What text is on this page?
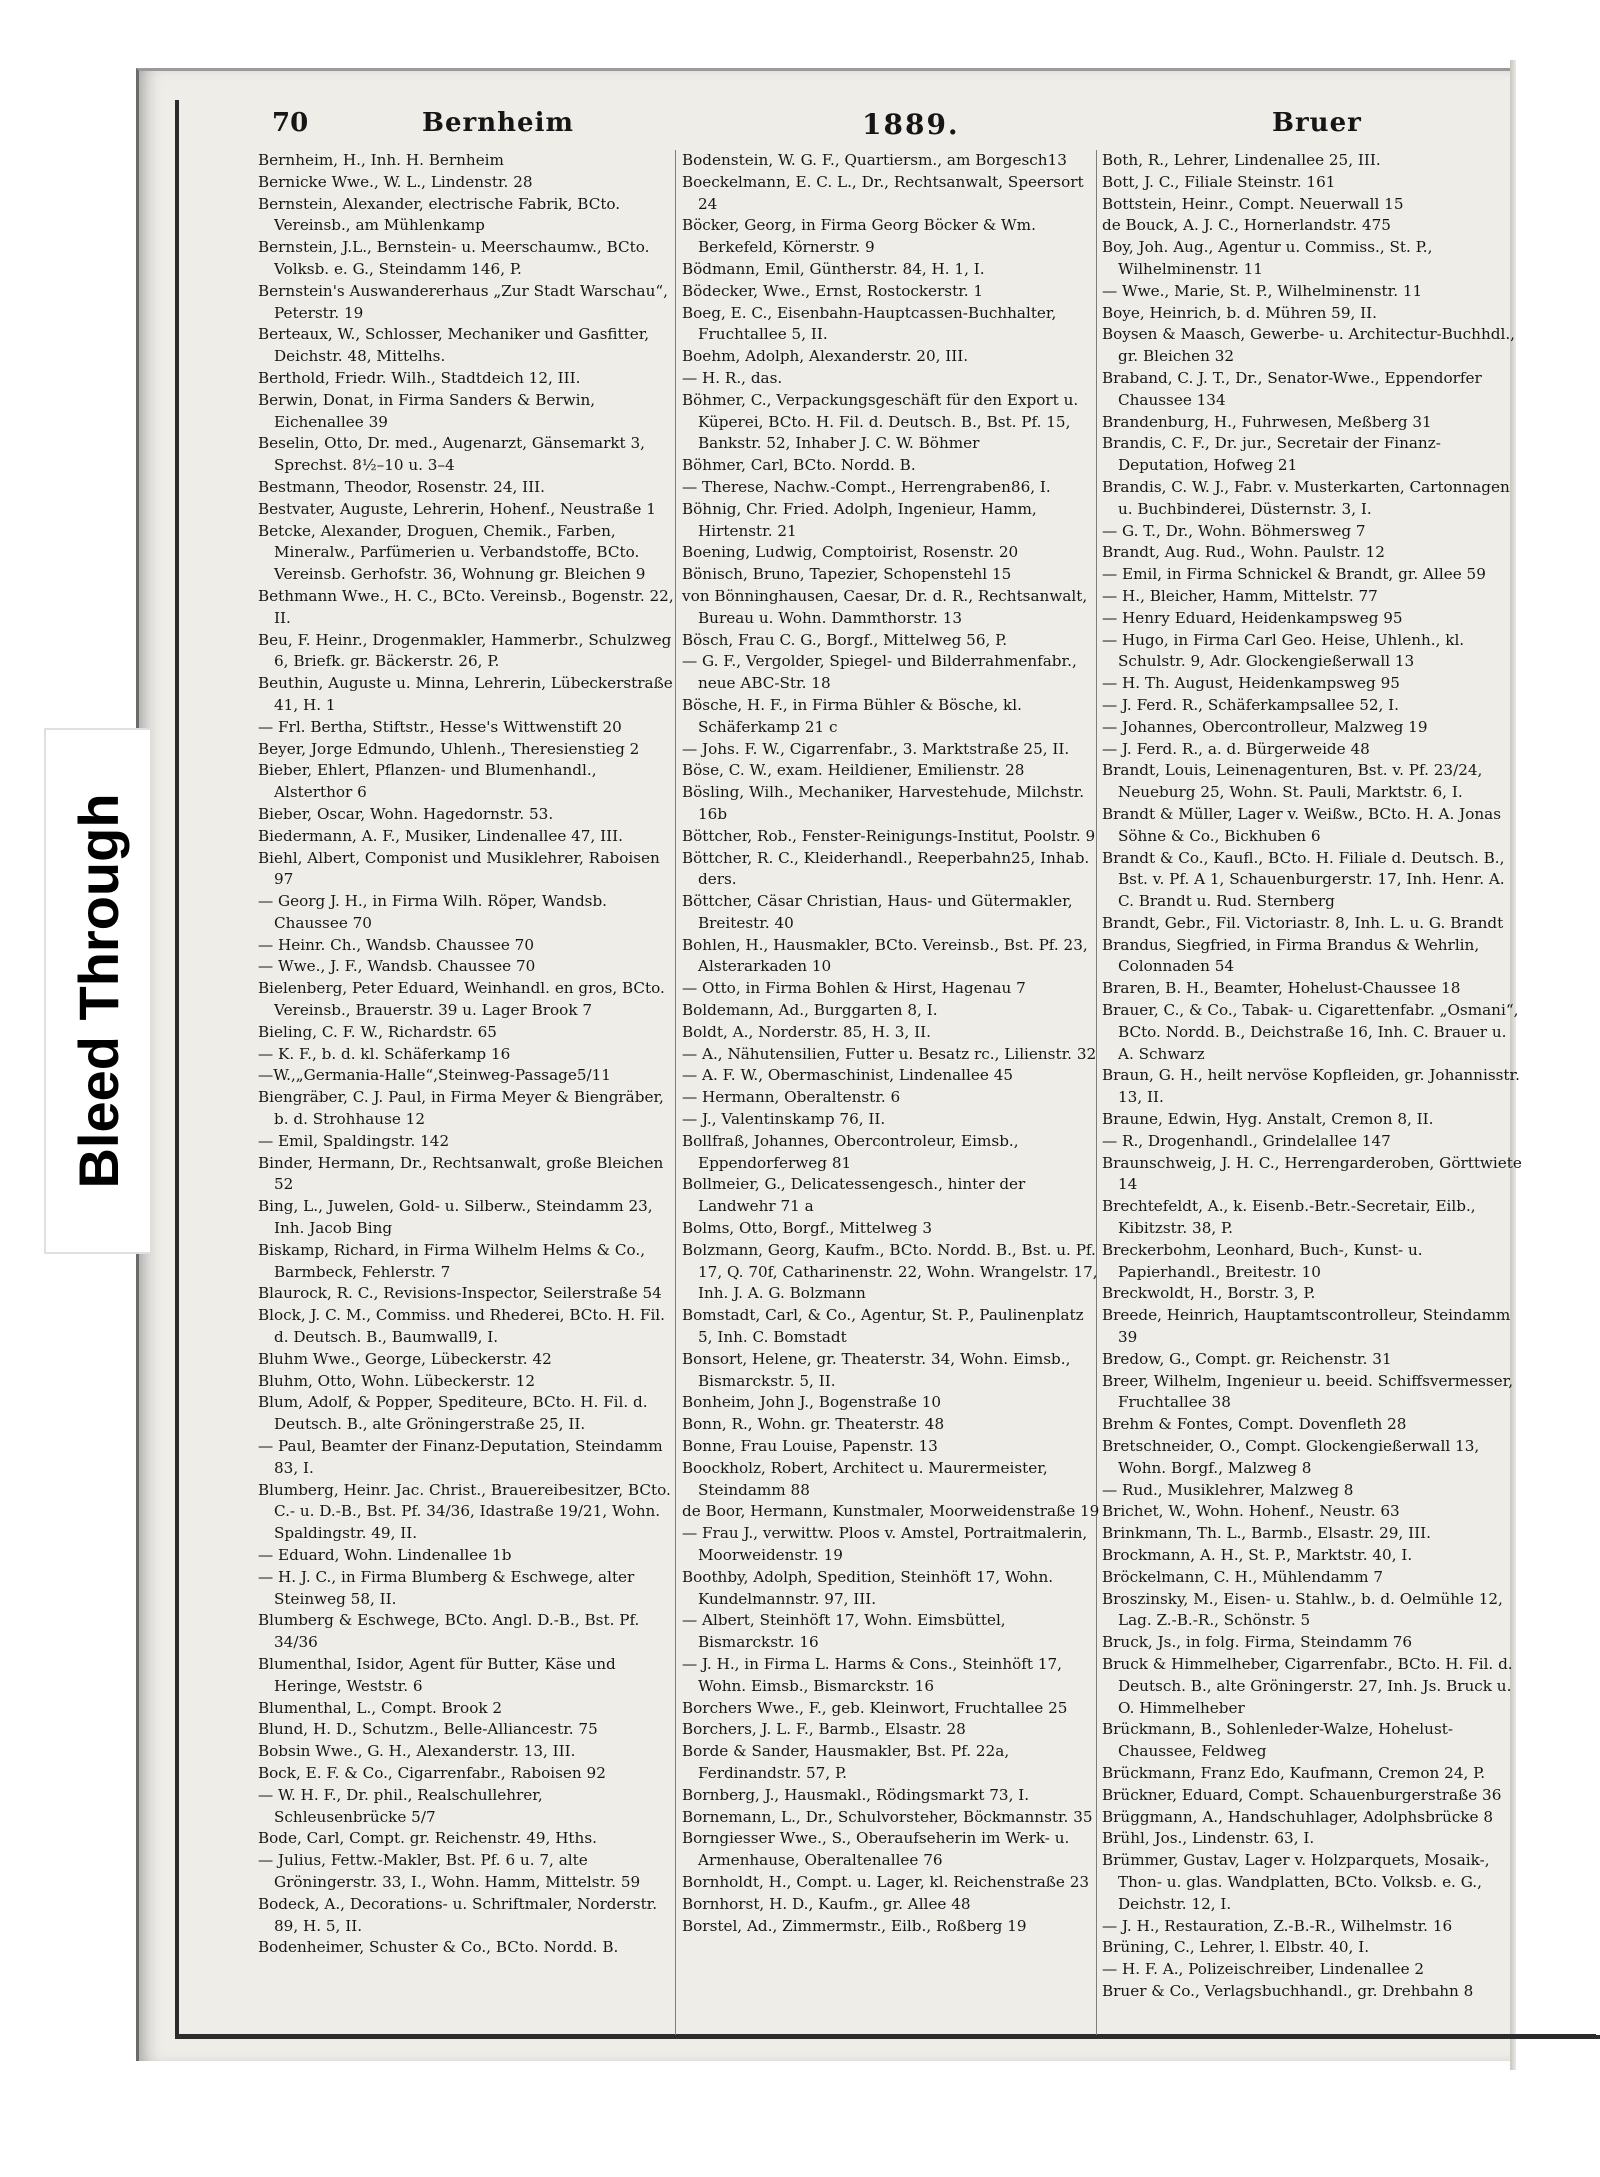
Bleed Through
70	Bernheim	1889.	Bruer

Bernheim, H., Inh. H. Bernheim

Bernicke Wwe., W. L., Lindenstr. 28

Bernstein, Alexander, electrische Fabrik, BCto. Vereinsb., am Mühlenkamp

Bernstein, J.L., Bernstein- u. Meerschaumw., BCto. Volksb. e. G., Steindamm 146, P.

Bernstein's Auswandererhaus „Zur Stadt Warschau“, Peterstr. 19

Berteaux, W., Schlosser, Mechaniker und Gasfitter, Deichstr. 48, Mittelhs.

Berthold, Friedr. Wilh., Stadtdeich 12, III.

Berwin, Donat, in Firma Sanders & Berwin, Eichenallee 39

Beselin, Otto, Dr. med., Augenarzt, Gänsemarkt 3, Sprechst. 8½–10 u. 3–4

Bestmann, Theodor, Rosenstr. 24, III.

Bestvater, Auguste, Lehrerin, Hohenf., Neustraße 1

Betcke, Alexander, Droguen, Chemik., Farben, Mineralw., Parfümerien u. Verbandstoffe, BCto. Vereinsb. Gerhofstr. 36, Wohnung gr. Bleichen 9

Bethmann Wwe., H. C., BCto. Vereinsb., Bogenstr. 22, II.

Beu, F. Heinr., Drogenmakler, Hammerbr., Schulzweg 6, Briefk. gr. Bäckerstr. 26, P.

Beuthin, Auguste u. Minna, Lehrerin, Lübeckerstraße 41, H. 1

— Frl. Bertha, Stiftstr., Hesse's Wittwenstift 20

Beyer, Jorge Edmundo, Uhlenh., Theresienstieg 2

Bieber, Ehlert, Pflanzen- und Blumenhandl., Alsterthor 6

Bieber, Oscar, Wohn. Hagedornstr. 53.

Biedermann, A. F., Musiker, Lindenallee 47, III.

Biehl, Albert, Componist und Musiklehrer, Raboisen 97

— Georg J. H., in Firma Wilh. Röper, Wandsb. Chaussee 70

— Heinr. Ch., Wandsb. Chaussee 70

— Wwe., J. F., Wandsb. Chaussee 70

Bielenberg, Peter Eduard, Weinhandl. en gros, BCto. Vereinsb., Brauerstr. 39 u. Lager Brook 7

Bieling, C. F. W., Richardstr. 65

— K. F., b. d. kl. Schäferkamp 16

—W.,„Germania-Halle“,Steinweg-Passage5/11

Biengräber, C. J. Paul, in Firma Meyer & Biengräber, b. d. Strohhause 12

— Emil, Spaldingstr. 142

Binder, Hermann, Dr., Rechtsanwalt, große Bleichen 52

Bing, L., Juwelen, Gold- u. Silberw., Steindamm 23, Inh. Jacob Bing

Biskamp, Richard, in Firma Wilhelm Helms & Co., Barmbeck, Fehlerstr. 7

Blaurock, R. C., Revisions-Inspector, Seilerstraße 54

Block, J. C. M., Commiss. und Rhederei, BCto. H. Fil. d. Deutsch. B., Baumwall9, I.

Bluhm Wwe., George, Lübeckerstr. 42

Bluhm, Otto, Wohn. Lübeckerstr. 12

Blum, Adolf, & Popper, Spediteure, BCto. H. Fil. d. Deutsch. B., alte Gröningerstraße 25, II.

— Paul, Beamter der Finanz-Deputation, Steindamm 83, I.

Blumberg, Heinr. Jac. Christ., Brauereibesitzer, BCto. C.- u. D.-B., Bst. Pf. 34/36, Idastraße 19/21, Wohn. Spaldingstr. 49, II.

— Eduard, Wohn. Lindenallee 1b

— H. J. C., in Firma Blumberg & Eschwege, alter Steinweg 58, II.

Blumberg & Eschwege, BCto. Angl. D.-B., Bst. Pf. 34/36

Blumenthal, Isidor, Agent für Butter, Käse und Heringe, Weststr. 6

Blumenthal, L., Compt. Brook 2

Blund, H. D., Schutzm., Belle-Alliancestr. 75

Bobsin Wwe., G. H., Alexanderstr. 13, III.

Bock, E. F. & Co., Cigarrenfabr., Raboisen 92

— W. H. F., Dr. phil., Realschullehrer, Schleusenbrücke 5/7

Bode, Carl, Compt. gr. Reichenstr. 49, Hths.

— Julius, Fettw.-Makler, Bst. Pf. 6 u. 7, alte Gröningerstr. 33, I., Wohn. Hamm, Mittelstr. 59

Bodeck, A., Decorations- u. Schriftmaler, Norderstr. 89, H. 5, II.

Bodenheimer, Schuster & Co., BCto. Nordd. B.

Bodenstein, W. G. F., Quartiersm., am Borgesch13

Boeckelmann, E. C. L., Dr., Rechtsanwalt, Speersort 24

Böcker, Georg, in Firma Georg Böcker & Wm. Berkefeld, Körnerstr. 9

Bödmann, Emil, Güntherstr. 84, H. 1, I.

Bödecker, Wwe., Ernst, Rostockerstr. 1

Boeg, E. C., Eisenbahn-Hauptcassen-Buchhalter, Fruchtallee 5, II.

Boehm, Adolph, Alexanderstr. 20, III.

— H. R., das.

Böhmer, C., Verpackungsgeschäft für den Export u. Küperei, BCto. H. Fil. d. Deutsch. B., Bst. Pf. 15, Bankstr. 52, Inhaber J. C. W. Böhmer

Böhmer, Carl, BCto. Nordd. B.

— Therese, Nachw.-Compt., Herrengraben86, I.

Böhnig, Chr. Fried. Adolph, Ingenieur, Hamm, Hirtenstr. 21

Boening, Ludwig, Comptoirist, Rosenstr. 20

Bönisch, Bruno, Tapezier, Schopenstehl 15

von Bönninghausen, Caesar, Dr. d. R., Rechtsanwalt, Bureau u. Wohn. Dammthorstr. 13

Bösch, Frau C. G., Borgf., Mittelweg 56, P.

— G. F., Vergolder, Spiegel- und Bilderrahmenfabr., neue ABC-Str. 18

Bösche, H. F., in Firma Bühler & Bösche, kl. Schäferkamp 21 c

— Johs. F. W., Cigarrenfabr., 3. Marktstraße 25, II.

Böse, C. W., exam. Heildiener, Emilienstr. 28

Bösling, Wilh., Mechaniker, Harvestehude, Milchstr. 16b

Böttcher, Rob., Fenster-Reinigungs-Institut, Poolstr. 9

Böttcher, R. C., Kleiderhandl., Reeperbahn25, Inhab. ders.

Böttcher, Cäsar Christian, Haus- und Gütermakler, Breitestr. 40

Bohlen, H., Hausmakler, BCto. Vereinsb., Bst. Pf. 23, Alsterarkaden 10

— Otto, in Firma Bohlen & Hirst, Hagenau 7

Boldemann, Ad., Burggarten 8, I.

Boldt, A., Norderstr. 85, H. 3, II.

— A., Nähutensilien, Futter u. Besatz rc., Lilienstr. 32

— A. F. W., Obermaschinist, Lindenallee 45

— Hermann, Oberaltenstr. 6

— J., Valentinskamp 76, II.

Bollfraß, Johannes, Obercontroleur, Eimsb., Eppendorferweg 81

Bollmeier, G., Delicatessengesch., hinter der Landwehr 71 a

Bolms, Otto, Borgf., Mittelweg 3

Bolzmann, Georg, Kaufm., BCto. Nordd. B., Bst. u. Pf. 17, Q. 70f, Catharinenstr. 22, Wohn. Wrangelstr. 17, Inh. J. A. G. Bolzmann

Bomstadt, Carl, & Co., Agentur, St. P., Paulinenplatz 5, Inh. C. Bomstadt

Bonsort, Helene, gr. Theaterstr. 34, Wohn. Eimsb., Bismarckstr. 5, II.

Bonheim, John J., Bogenstraße 10

Bonn, R., Wohn. gr. Theaterstr. 48

Bonne, Frau Louise, Papenstr. 13

Boockholz, Robert, Architect u. Maurermeister, Steindamm 88

de Boor, Hermann, Kunstmaler, Moorweidenstraße 19

— Frau J., verwittw. Ploos v. Amstel, Portraitmalerin, Moorweidenstr. 19

Boothby, Adolph, Spedition, Steinhöft 17, Wohn. Kundelmannstr. 97, III.

— Albert, Steinhöft 17, Wohn. Eimsbüttel, Bismarckstr. 16

— J. H., in Firma L. Harms & Cons., Steinhöft 17, Wohn. Eimsb., Bismarckstr. 16

Borchers Wwe., F., geb. Kleinwort, Fruchtallee 25

Borchers, J. L. F., Barmb., Elsastr. 28

Borde & Sander, Hausmakler, Bst. Pf. 22a, Ferdinandstr. 57, P.

Bornberg, J., Hausmakl., Rödingsmarkt 73, I.

Bornemann, L., Dr., Schulvorsteher, Böckmannstr. 35

Borngiesser Wwe., S., Oberaufseherin im Werk- u. Armenhause, Oberaltenallee 76

Bornholdt, H., Compt. u. Lager, kl. Reichenstraße 23

Bornhorst, H. D., Kaufm., gr. Allee 48

Borstel, Ad., Zimmermstr., Eilb., Roßberg 19

Both, R., Lehrer, Lindenallee 25, III.

Bott, J. C., Filiale Steinstr. 161

Bottstein, Heinr., Compt. Neuerwall 15

de Bouck, A. J. C., Hornerlandstr. 475

Boy, Joh. Aug., Agentur u. Commiss., St. P., Wilhelminenstr. 11

— Wwe., Marie, St. P., Wilhelminenstr. 11

Boye, Heinrich, b. d. Mühren 59, II.

Boysen & Maasch, Gewerbe- u. Architectur-Buchhdl., gr. Bleichen 32

Braband, C. J. T., Dr., Senator-Wwe., Eppendorfer Chaussee 134

Brandenburg, H., Fuhrwesen, Meßberg 31

Brandis, C. F., Dr. jur., Secretair der Finanz-Deputation, Hofweg 21

Brandis, C. W. J., Fabr. v. Musterkarten, Cartonnagen u. Buchbinderei, Düsternstr. 3, I.

— G. T., Dr., Wohn. Böhmersweg 7

Brandt, Aug. Rud., Wohn. Paulstr. 12

— Emil, in Firma Schnickel & Brandt, gr. Allee 59

— H., Bleicher, Hamm, Mittelstr. 77

— Henry Eduard, Heidenkampsweg 95

— Hugo, in Firma Carl Geo. Heise, Uhlenh., kl. Schulstr. 9, Adr. Glockengießerwall 13

— H. Th. August, Heidenkampsweg 95

— J. Ferd. R., Schäferkampsallee 52, I.

— Johannes, Obercontrolleur, Malzweg 19

— J. Ferd. R., a. d. Bürgerweide 48

Brandt, Louis, Leinenagenturen, Bst. v. Pf. 23/24, Neueburg 25, Wohn. St. Pauli, Marktstr. 6, I.

Brandt & Müller, Lager v. Weißw., BCto. H. A. Jonas Söhne & Co., Bickhuben 6

Brandt & Co., Kaufl., BCto. H. Filiale d. Deutsch. B., Bst. v. Pf. A 1, Schauenburgerstr. 17, Inh. Henr. A. C. Brandt u. Rud. Sternberg

Brandt, Gebr., Fil. Victoriastr. 8, Inh. L. u. G. Brandt

Brandus, Siegfried, in Firma Brandus & Wehrlin, Colonnaden 54

Braren, B. H., Beamter, Hohelust-Chaussee 18

Brauer, C., & Co., Tabak- u. Cigarettenfabr. „Osmani“, BCto. Nordd. B., Deichstraße 16, Inh. C. Brauer u. A. Schwarz

Braun, G. H., heilt nervöse Kopfleiden, gr. Johannisstr. 13, II.

Braune, Edwin, Hyg. Anstalt, Cremon 8, II.

— R., Drogenhandl., Grindelallee 147

Braunschweig, J. H. C., Herrengarderoben, Görttwiete 14

Brechtefeldt, A., k. Eisenb.-Betr.-Secretair, Eilb., Kibitzstr. 38, P.

Breckerbohm, Leonhard, Buch-, Kunst- u. Papierhandl., Breitestr. 10

Breckwoldt, H., Borstr. 3, P.

Breede, Heinrich, Hauptamtscontrolleur, Steindamm 39

Bredow, G., Compt. gr. Reichenstr. 31

Breer, Wilhelm, Ingenieur u. beeid. Schiffsvermesser, Fruchtallee 38

Brehm & Fontes, Compt. Dovenfleth 28

Bretschneider, O., Compt. Glockengießerwall 13, Wohn. Borgf., Malzweg 8

— Rud., Musiklehrer, Malzweg 8

Brichet, W., Wohn. Hohenf., Neustr. 63

Brinkmann, Th. L., Barmb., Elsastr. 29, III.

Brockmann, A. H., St. P., Marktstr. 40, I.

Bröckelmann, C. H., Mühlendamm 7

Broszinsky, M., Eisen- u. Stahlw., b. d. Oelmühle 12, Lag. Z.-B.-R., Schönstr. 5

Bruck, Js., in folg. Firma, Steindamm 76

Bruck & Himmelheber, Cigarrenfabr., BCto. H. Fil. d. Deutsch. B., alte Gröningerstr. 27, Inh. Js. Bruck u. O. Himmelheber

Brückmann, B., Sohlenleder-Walze, Hohelust-Chaussee, Feldweg

Brückmann, Franz Edo, Kaufmann, Cremon 24, P.

Brückner, Eduard, Compt. Schauenburgerstraße 36

Brüggmann, A., Handschuhlager, Adolphsbrücke 8

Brühl, Jos., Lindenstr. 63, I.

Brümmer, Gustav, Lager v. Holzparquets, Mosaik-, Thon- u. glas. Wandplatten, BCto. Volksb. e. G., Deichstr. 12, I.

— J. H., Restauration, Z.-B.-R., Wilhelmstr. 16

Brüning, C., Lehrer, l. Elbstr. 40, I.

— H. F. A., Polizeischreiber, Lindenallee 2

Bruer & Co., Verlagsbuchhandl., gr. Drehbahn 8
